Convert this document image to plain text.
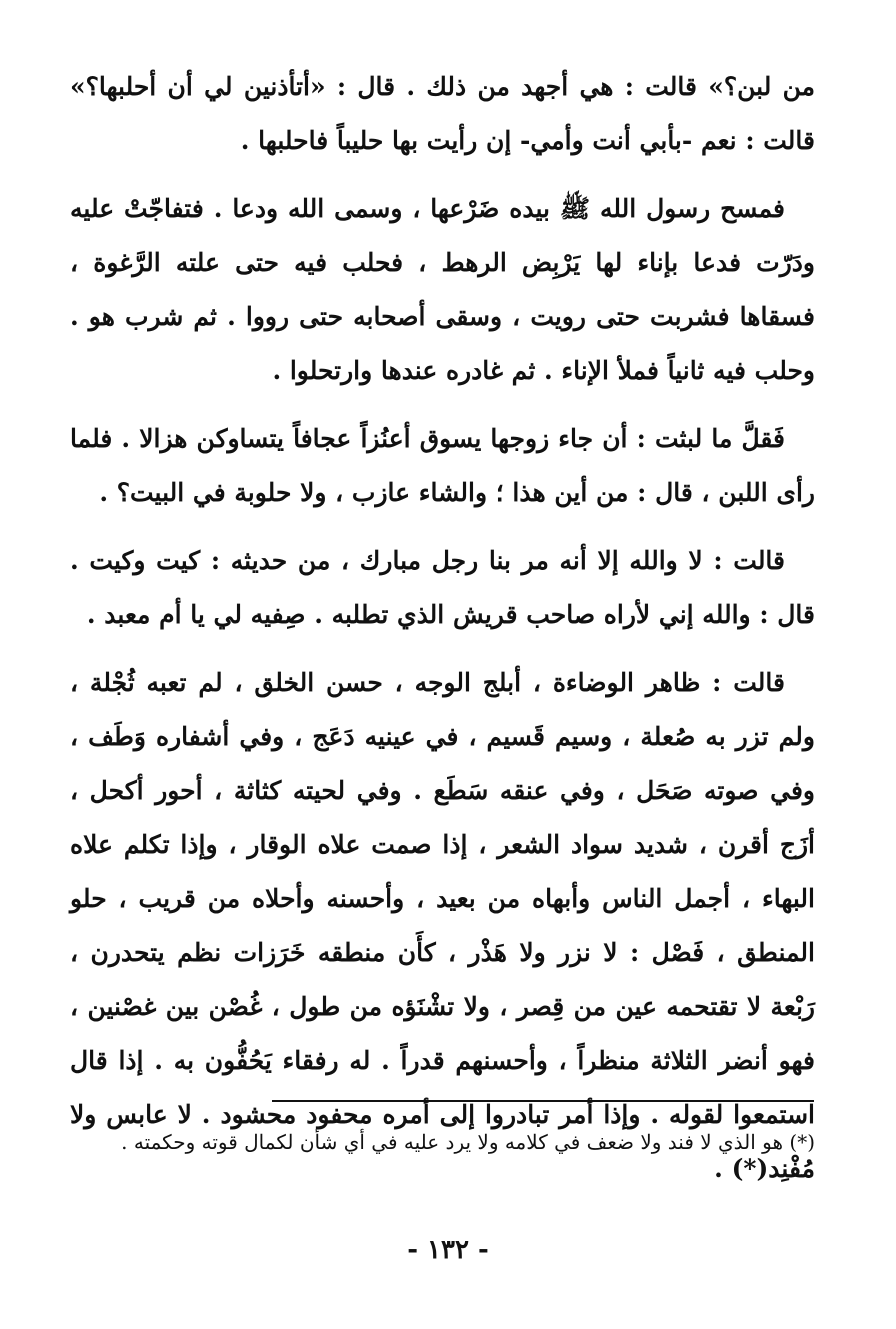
من لبن؟» قالت : هي أجهد من ذلك . قال : «أتأذنين لي أن أحلبها؟» قالت : نعم -بأبي أنت وأمي- إن رأيت بها حليباً فاحلبها .

فمسح رسول الله ﷺ بيده ضَرْعها ، وسمى الله ودعا . فتفاجّتْ عليه ودَرّت فدعا بإناء لها يَرْبِض الرهط ، فحلب فيه حتى علته الرَّغوة ، فسقاها فشربت حتى رويت ، وسقى أصحابه حتى رووا . ثم شرب هو . وحلب فيه ثانياً فملأ الإناء . ثم غادره عندها وارتحلوا .

فَقلَّ ما لبثت : أن جاء زوجها يسوق أعنُزاً عجافاً يتساوكن هزالا . فلما رأى اللبن ، قال : من أين هذا ؛ والشاء عازب ، ولا حلوبة في البيت؟ .

قالت : لا والله إلا أنه مر بنا رجل مبارك ، من حديثه : كيت وكيت . قال : والله إني لأراه صاحب قريش الذي تطلبه . صِفيه لي يا أم معبد .

قالت : ظاهر الوضاءة ، أبلج الوجه ، حسن الخلق ، لم تعبه ثُجْلة ، ولم تزر به صُعلة ، وسيم قَسيم ، في عينيه دَعَج ، وفي أشفاره وَطَف ، وفي صوته صَحَل ، وفي عنقه سَطَع . وفي لحيته كثاثة ، أحور أكحل ، أزَج أقرن ، شديد سواد الشعر ، إذا صمت علاه الوقار ، وإذا تكلم علاه البهاء ، أجمل الناس وأبهاه من بعيد ، وأحسنه وأحلاه من قريب ، حلو المنطق ، فَصْل : لا نزر ولا هَذْر ، كأَن منطقه خَرَزات نظم يتحدرن ، رَبْعة لا تقتحمه عين من قِصر ، ولا تشْنَؤه من طول ، غُصْن بين غصْنين ، فهو أنضر الثلاثة منظراً ، وأحسنهم قدراً . له رفقاء يَحُفُّون به . إذا قال استمعوا لقوله . وإذا أمر تبادروا إلى أمره محفود محشود . لا عابس ولا مُفْنِد(*) .

(*) هو الذي لا فند ولا ضعف في كلامه ولا يرد عليه في أي شأن لكمال قوته وحكمته .
- ١٣٢ -
